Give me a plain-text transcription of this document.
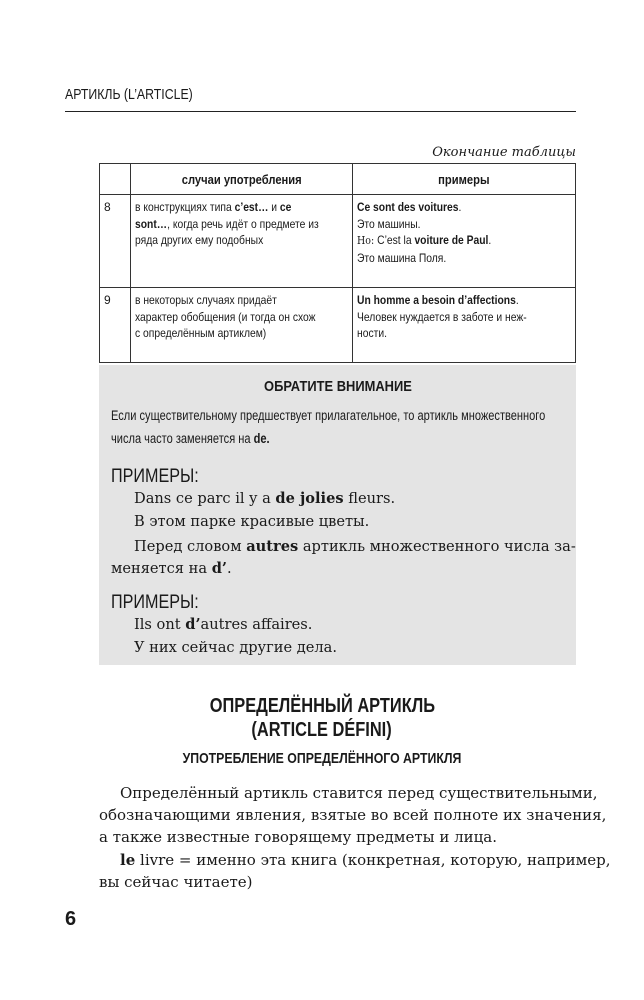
АРТИКЛЬ (L’ARTICLE)
Окончание таблицы
	случаи употребления	примеры

8	в конструкциях типа c’est… и ce
sont…, когда речь идёт о предмете из
ряда других ему подобных	Ce sont des voitures.
Это машины.
Но: C’est la voiture de Paul.
Это машина Поля.

9	в некоторых случаях придаёт
характер обобщения (и тогда он схож
с определённым артиклем)	Un homme a besoin d’affections.
Человек нуждается в заботе и неж-
ности.
ОБРАТИТЕ ВНИМАНИЕ
Если существительному предшествует прилагательное, то артикль множественного
числа часто заменяется на de.
ПРИМЕРЫ:
Dans ce parc il y a de jolies fleurs.
В этом парке красивые цветы.
Перед словом autres артикль множественного числа за-
меняется на d’.
ПРИМЕРЫ:
Ils ont d’autres affaires.
У них сейчас другие дела.
ОПРЕДЕЛЁННЫЙ АРТИКЛЬ
(ARTICLE DÉFINI)
УПОТРЕБЛЕНИЕ ОПРЕДЕЛЁННОГО АРТИКЛЯ
Определённый артикль ставится перед существительными,
обозначающими явления, взятые во всей полноте их значения,
а также известные говорящему предметы и лица.
le livre = именно эта книга (конкретная, которую, например,
вы сейчас читаете)
6
